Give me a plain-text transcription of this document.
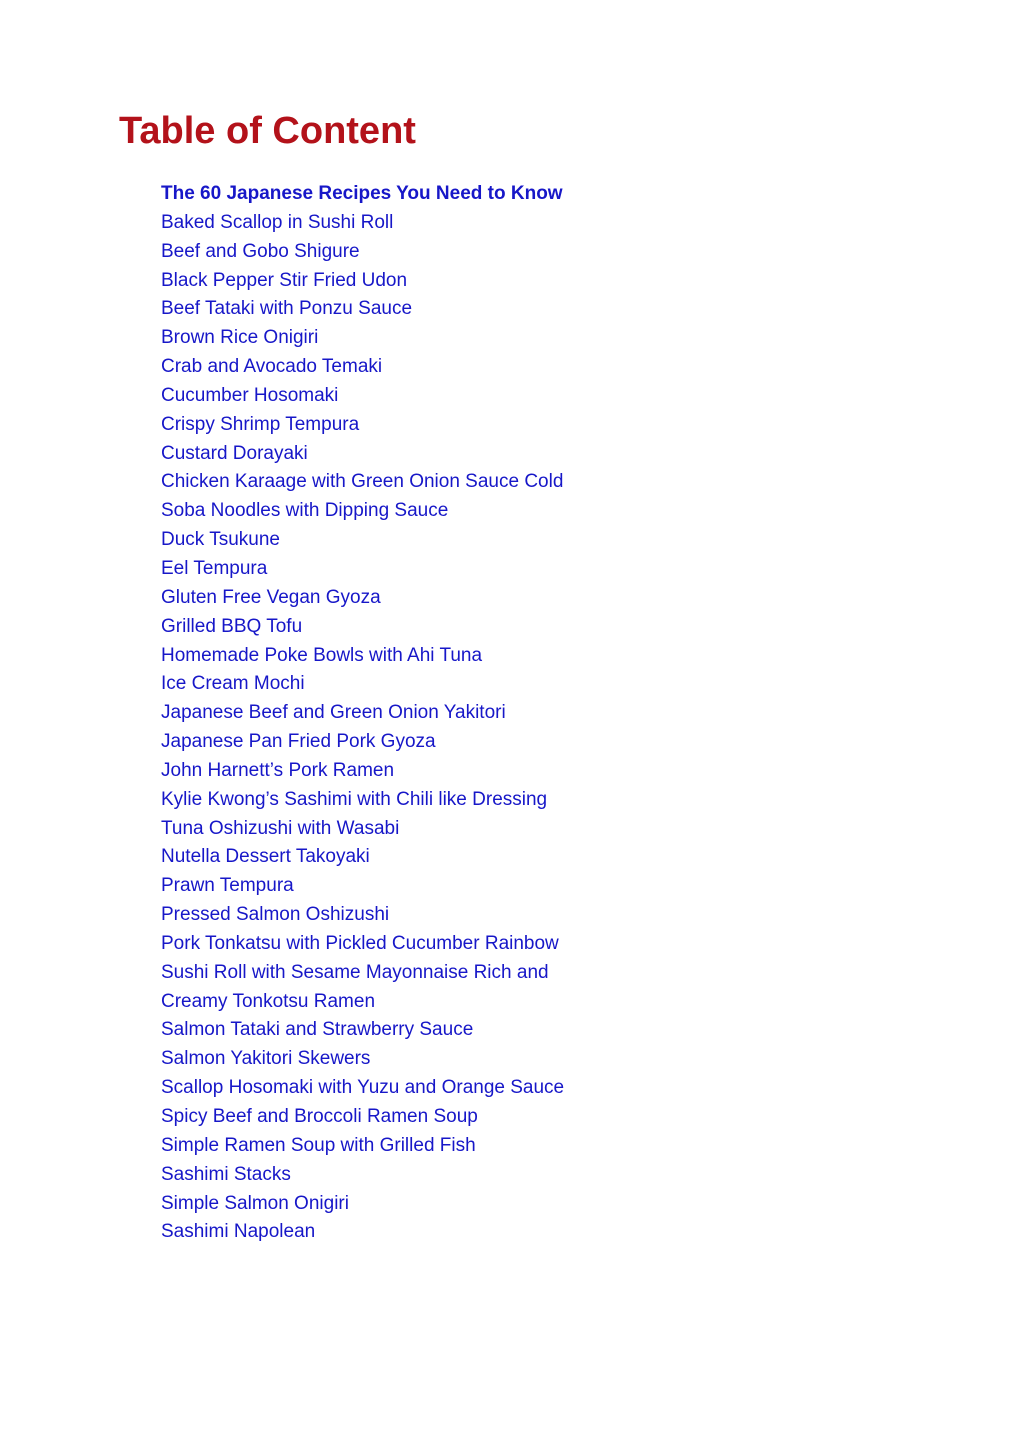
Table of Content
The 60 Japanese Recipes You Need to Know
Baked Scallop in Sushi Roll
Beef and Gobo Shigure
Black Pepper Stir Fried Udon
Beef Tataki with Ponzu Sauce
Brown Rice Onigiri
Crab and Avocado Temaki
Cucumber Hosomaki
Crispy Shrimp Tempura
Custard Dorayaki
Chicken Karaage with Green Onion Sauce Cold
Soba Noodles with Dipping Sauce
Duck Tsukune
Eel Tempura
Gluten Free Vegan Gyoza
Grilled BBQ Tofu
Homemade Poke Bowls with Ahi Tuna
Ice Cream Mochi
Japanese Beef and Green Onion Yakitori
Japanese Pan Fried Pork Gyoza
John Harnett’s Pork Ramen
Kylie Kwong’s Sashimi with Chili like Dressing
Tuna Oshizushi with Wasabi
Nutella Dessert Takoyaki
Prawn Tempura
Pressed Salmon Oshizushi
Pork Tonkatsu with Pickled Cucumber Rainbow
Sushi Roll with Sesame Mayonnaise Rich and
Creamy Tonkotsu Ramen
Salmon Tataki and Strawberry Sauce
Salmon Yakitori Skewers
Scallop Hosomaki with Yuzu and Orange Sauce
Spicy Beef and Broccoli Ramen Soup
Simple Ramen Soup with Grilled Fish
Sashimi Stacks
Simple Salmon Onigiri
Sashimi Napolean
